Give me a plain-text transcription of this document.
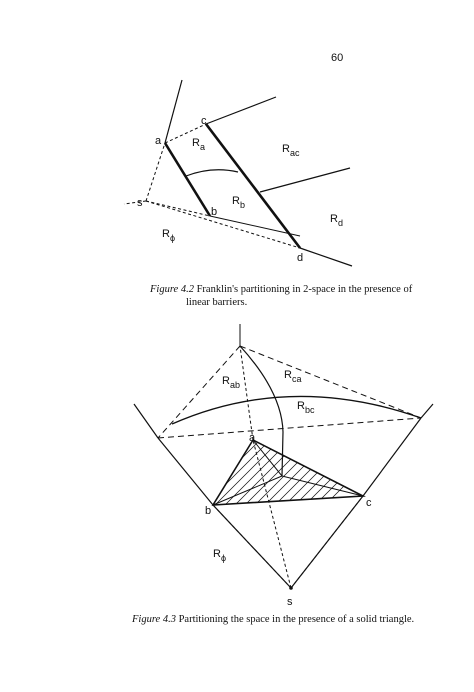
60
a
c
s
b
d
$R_a$	$R_{ac}$
$R_b$
$R_d$
$R_\phi$
Figure 4.2 Franklin's partitioning in 2-space in the presence of
linear barriers.
a
b
c
s
$R_{ab}$
$R_{ca}$
$R_{bc}$
$R_\phi$
Figure 4.3 Partitioning the space in the presence of a solid triangle.
